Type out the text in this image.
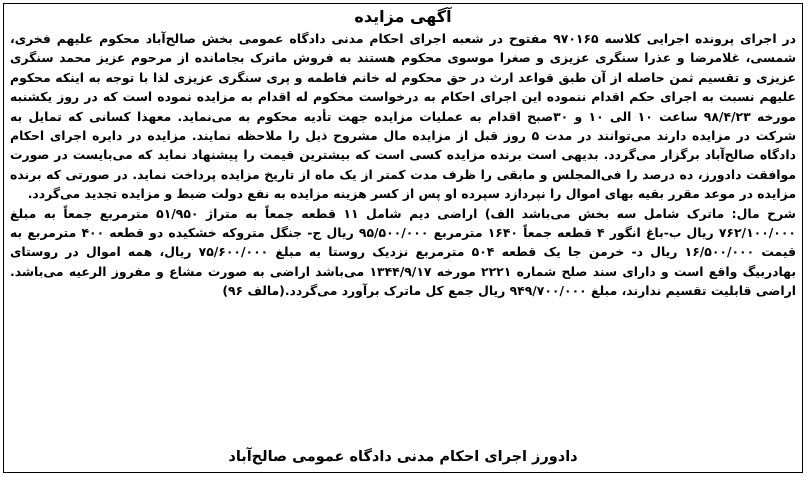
آگهی مزایده

در اجرای پرونده اجرایی کلاسه ۹۷۰۱۶۵ مفتوح در شعبه اجرای احکام مدنی دادگاه عمومی بخش صالح‌آباد محکوم علیهم فخری، شمسی، غلامرضا و عذرا سنگری عزیزی و صغرا موسوی محکوم هستند به فروش ماترک بجامانده از مرحوم عزیز محمد سنگری عزیزی و تقسیم ثمن حاصله از آن طبق قواعد ارث در حق محکوم له خانم فاطمه و پری سنگری عزیزی لذا با توجه به اینکه محکوم علیهم نسبت به اجرای حکم اقدام ننموده این اجرای احکام به درخواست محکوم له اقدام به مزایده نموده است که در روز یکشنبه مورخه ۹۸/۴/۲۳ ساعت ۱۰ الی ۱۰ و ۳۰صبح اقدام به عملیات مزایده جهت تأدیه محکوم به می‌نماید. معهذا کسانی که تمایل به شرکت در مزایده دارند می‌توانند در مدت ۵ روز قبل از مزایده مال مشروح ذیل را ملاحظه نمایند. مزایده در دایره اجرای احکام دادگاه صالح‌آباد برگزار می‌گردد. بدیهی است برنده مزایده کسی است که بیشترین قیمت را پیشنهاد نماید که می‌بایست در صورت موافقت دادورز، ده درصد را فی‌المجلس و مابقی را ظرف مدت کمتر از یک ماه از تاریخ مزایده پرداخت نماید. در صورتی که برنده مزایده در موعد مقرر بقیه بهای اموال را نپردازد سپرده او پس از کسر هزینه مزایده به نفع دولت ضبط و مزایده تجدید می‌گردد.

شرح مال: ماترک شامل سه بخش می‌باشد الف) اراضی دیم شامل ۱۱ قطعه جمعاً به متراژ ۵۱/۹۵۰ مترمربع جمعاً به مبلغ ۷۶۲/۱۰۰/۰۰۰ ریال ب-باغ انگور ۴ قطعه جمعاً ۱۶۴۰ مترمربع ۹۵/۵۰۰/۰۰۰ ریال ج- جنگل متروکه خشکیده دو قطعه ۴۰۰ مترمربع به قیمت ۱۶/۵۰۰/۰۰۰ ریال د- خرمن جا یک قطعه ۵۰۴ مترمربع نزدیک روستا به مبلغ ۷۵/۶۰۰/۰۰۰ ریال، همه اموال در روستای بهادربیگ واقع است و دارای سند صلح شماره ۲۲۲۱ مورخه ۱۳۴۴/۹/۱۷ می‌باشد اراضی به صورت مشاع و مفروز الرعیه می‌باشد. اراضی قابلیت تقسیم ندارند، مبلغ ۹۴۹/۷۰۰/۰۰۰ ریال جمع کل ماترک برآورد می‌گردد.(مالف ۹۶)

دادورز اجرای احکام مدنی دادگاه عمومی صالح‌آباد
